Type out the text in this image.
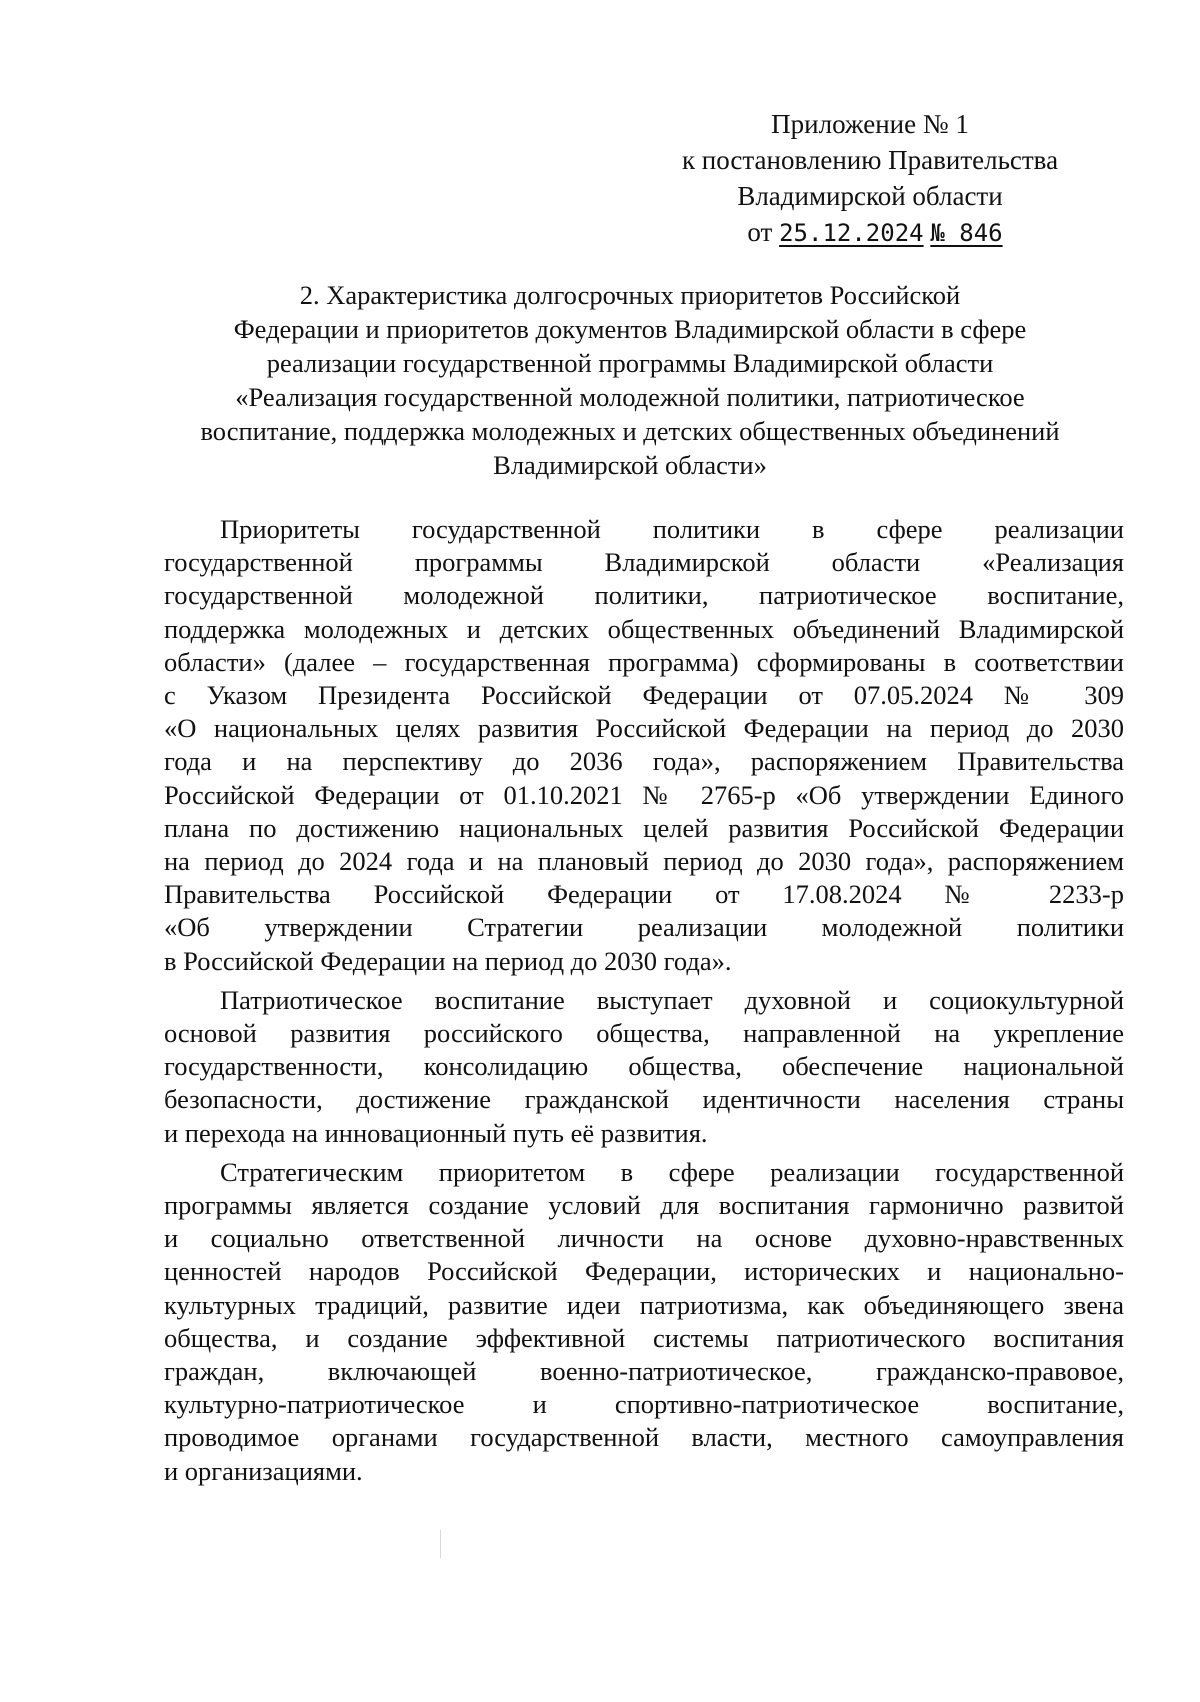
Приложение № 1
к постановлению Правительства
Владимирской области
от 25.12.2024 № 846
2. Характеристика долгосрочных приоритетов Российской
Федерации и приоритетов документов Владимирской области в сфере
реализации государственной программы Владимирской области
«Реализация государственной молодежной политики, патриотическое
воспитание, поддержка молодежных и детских общественных объединений
Владимирской области»
Приоритеты государственной политики в сфере реализации
государственной программы Владимирской области «Реализация
государственной молодежной политики, патриотическое воспитание,
поддержка молодежных и детских общественных объединений Владимирской
области» (далее – государственная программа) сформированы в соответствии
с Указом Президента Российской Федерации от 07.05.2024 № 309
«О национальных целях развития Российской Федерации на период до 2030
года и на перспективу до 2036 года», распоряжением Правительства
Российской Федерации от 01.10.2021 № 2765-р «Об утверждении Единого
плана по достижению национальных целей развития Российской Федерации
на период до 2024 года и на плановый период до 2030 года», распоряжением
Правительства Российской Федерации от 17.08.2024 № 2233-р
«Об утверждении Стратегии реализации молодежной политики
в Российской Федерации на период до 2030 года».
Патриотическое воспитание выступает духовной и социокультурной
основой развития российского общества, направленной на укрепление
государственности, консолидацию общества, обеспечение национальной
безопасности, достижение гражданской идентичности населения страны
и перехода на инновационный путь её развития.
Стратегическим приоритетом в сфере реализации государственной
программы является создание условий для воспитания гармонично развитой
и социально ответственной личности на основе духовно-нравственных
ценностей народов Российской Федерации, исторических и национально-
культурных традиций, развитие идеи патриотизма, как объединяющего звена
общества, и создание эффективной системы патриотического воспитания
граждан, включающей военно-патриотическое, гражданско-правовое,
культурно-патриотическое и спортивно-патриотическое воспитание,
проводимое органами государственной власти, местного самоуправления
и организациями.
